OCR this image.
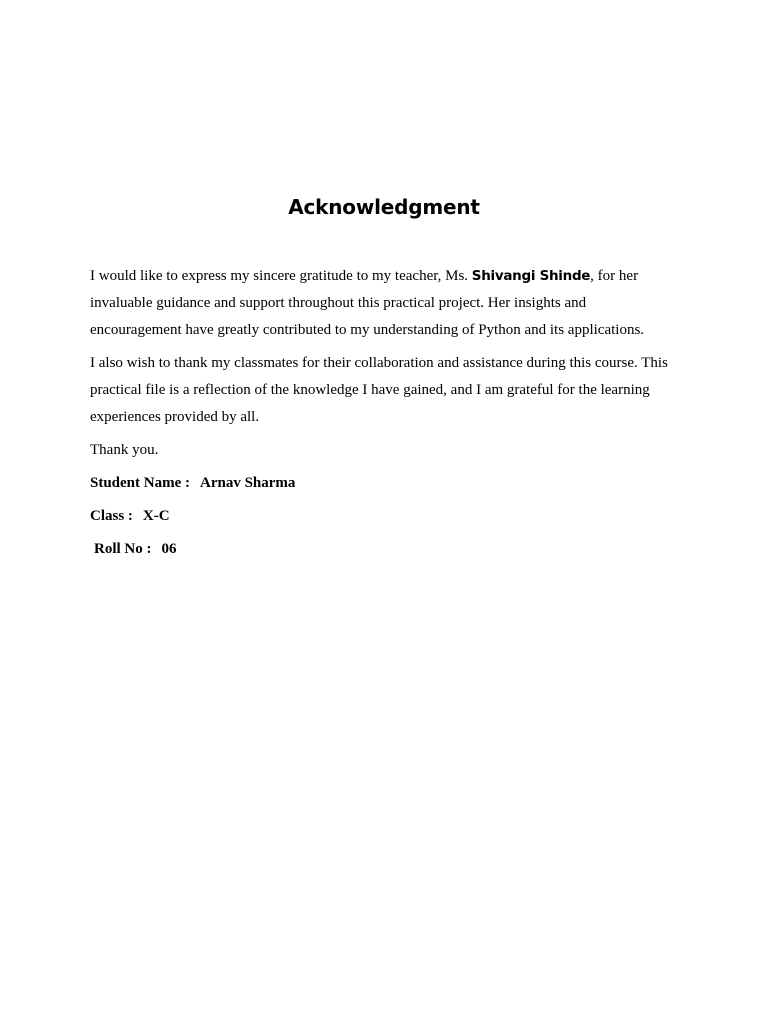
Acknowledgment

I would like to express my sincere gratitude to my teacher, Ms. Shivangi Shinde, for her invaluable guidance and support throughout this practical project. Her insights and encouragement have greatly contributed to my understanding of Python and its applications.

I also wish to thank my classmates for their collaboration and assistance during this course. This practical file is a reflection of the knowledge I have gained, and I am grateful for the learning experiences provided by all.

Thank you.

Student Name : Arnav Sharma

Class : X-C

Roll No : 06
